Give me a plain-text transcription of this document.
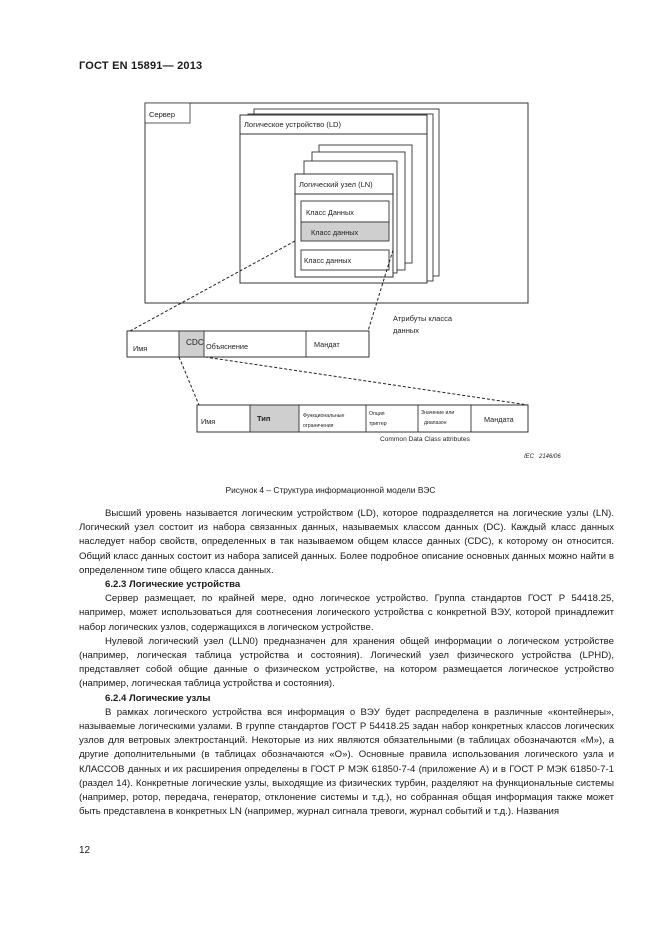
ГОСТ EN 15891— 2013
Сервер
Логическое устройство (LD)
Логический узел (LN)
Класс Данных
Класс данных
Класс данных
Имя
CDC Объяснение	Мандат
Атрибуты класса
данных
Имя	Тип	Функциональные
ограничения
Опция
триггер
Значение или
диапазон	Мандата
Common Data Class attributes
IEC   2146/06
Рисунок 4 – Структура информационной модели ВЭС

Высший уровень называется логическим устройством (LD), которое подразделяется на логические узлы (LN). Логический узел состоит из набора связанных данных, называемых классом данных (DC). Каждый класс данных наследует набор свойств, определенных в так называемом общем классе данных (CDC), к которому он относится. Общий класс данных состоит из набора записей данных. Более подробное описание основных данных можно найти в определенном типе общего класса данных.

6.2.3 Логические устройства

Сервер размещает, по крайней мере, одно логическое устройство. Группа стандартов ГОСТ Р 54418.25, например, может использоваться для соотнесения логического устройства с конкретной ВЭУ, которой принадлежит набор логических узлов, содержащихся в логическом устройстве.

Нулевой логический узел (LLN0) предназначен для хранения общей информации о логическом устройстве (например, логическая таблица устройства и состояния). Логический узел физического устройства (LPHD), представляет собой общие данные о физическом устройстве, на котором размещается логическое устройство (например, логическая таблица устройства и состояния).

6.2.4 Логические узлы

В рамках логического устройства вся информация о ВЭУ будет распределена в различные «контейнеры», называемые логическими узлами. В группе стандартов ГОСТ Р 54418.25 задан набор конкретных классов логических узлов для ветровых электростанций. Некоторые из них являются обязательными (в таблицах обозначаются «М»), а другие дополнительными (в таблицах обозначаются «О»). Основные правила использования логического узла и КЛАССОВ данных и их расширения определены в ГОСТ Р МЭК 61850-7-4 (приложение А) и в ГОСТ Р МЭК 61850-7-1 (раздел 14). Конкретные логические узлы, выходящие из физических турбин, разделяют на функциональные системы (например, ротор, передача, генератор, отклонение системы и т.д.), но собранная общая информация также может быть представлена в конкретных LN (например, журнал сигнала тревоги, журнал событий и т.д.). Названия

12
